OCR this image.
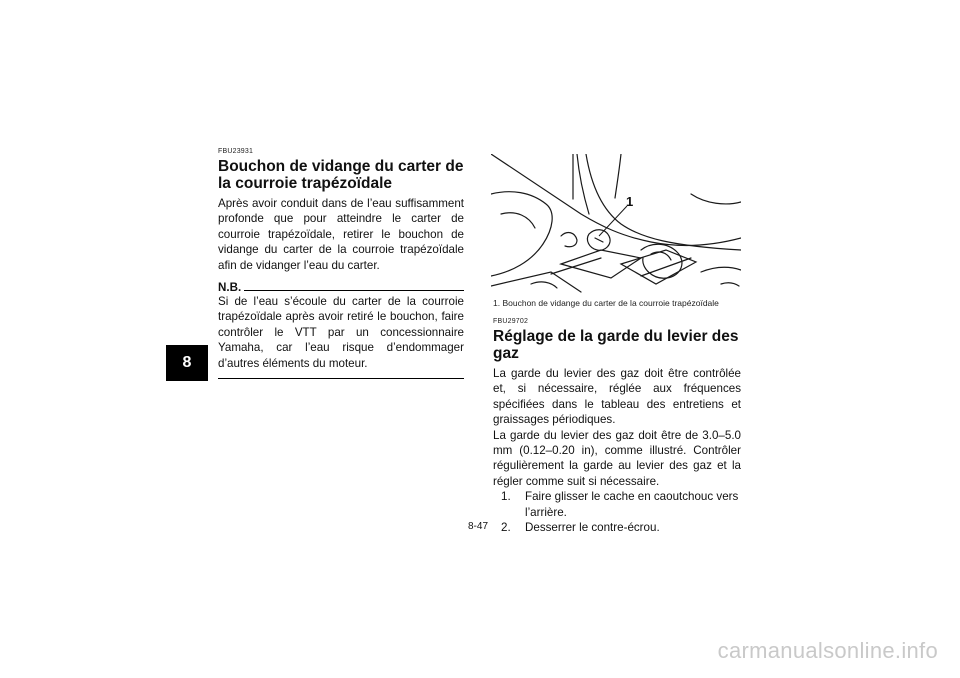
8
FBU23931
Bouchon de vidange du carter de la courroie trapézoïdale

Après avoir conduit dans de l’eau suffisamment profonde que pour atteindre le carter de courroie trapézoïdale, retirer le bouchon de vidange du carter de la courroie trapézoïdale afin de vidanger l’eau du carter.

N.B.

Si de l’eau s’écoule du carter de la courroie trapézoïdale après avoir retiré le bouchon, faire contrôler le VTT par un concessionnaire Yamaha, car l’eau risque d’endommager d’autres éléments du moteur.

1
1. Bouchon de vidange du carter de la courroie trapézoïdale
FBU29702
Réglage de la garde du levier des gaz

La garde du levier des gaz doit être contrôlée et, si nécessaire, réglée aux fréquences spécifiées dans le tableau des entretiens et graissages périodiques.

La garde du levier des gaz doit être de 3.0–5.0 mm (0.12–0.20 in), comme illustré. Contrôler régulièrement la garde au levier des gaz et la régler comme suit si nécessaire.

1.	Faire glisser le cache en caoutchouc vers l’arrière.
2.	Desserrer le contre-écrou.
8-47
carmanualsonline.info
